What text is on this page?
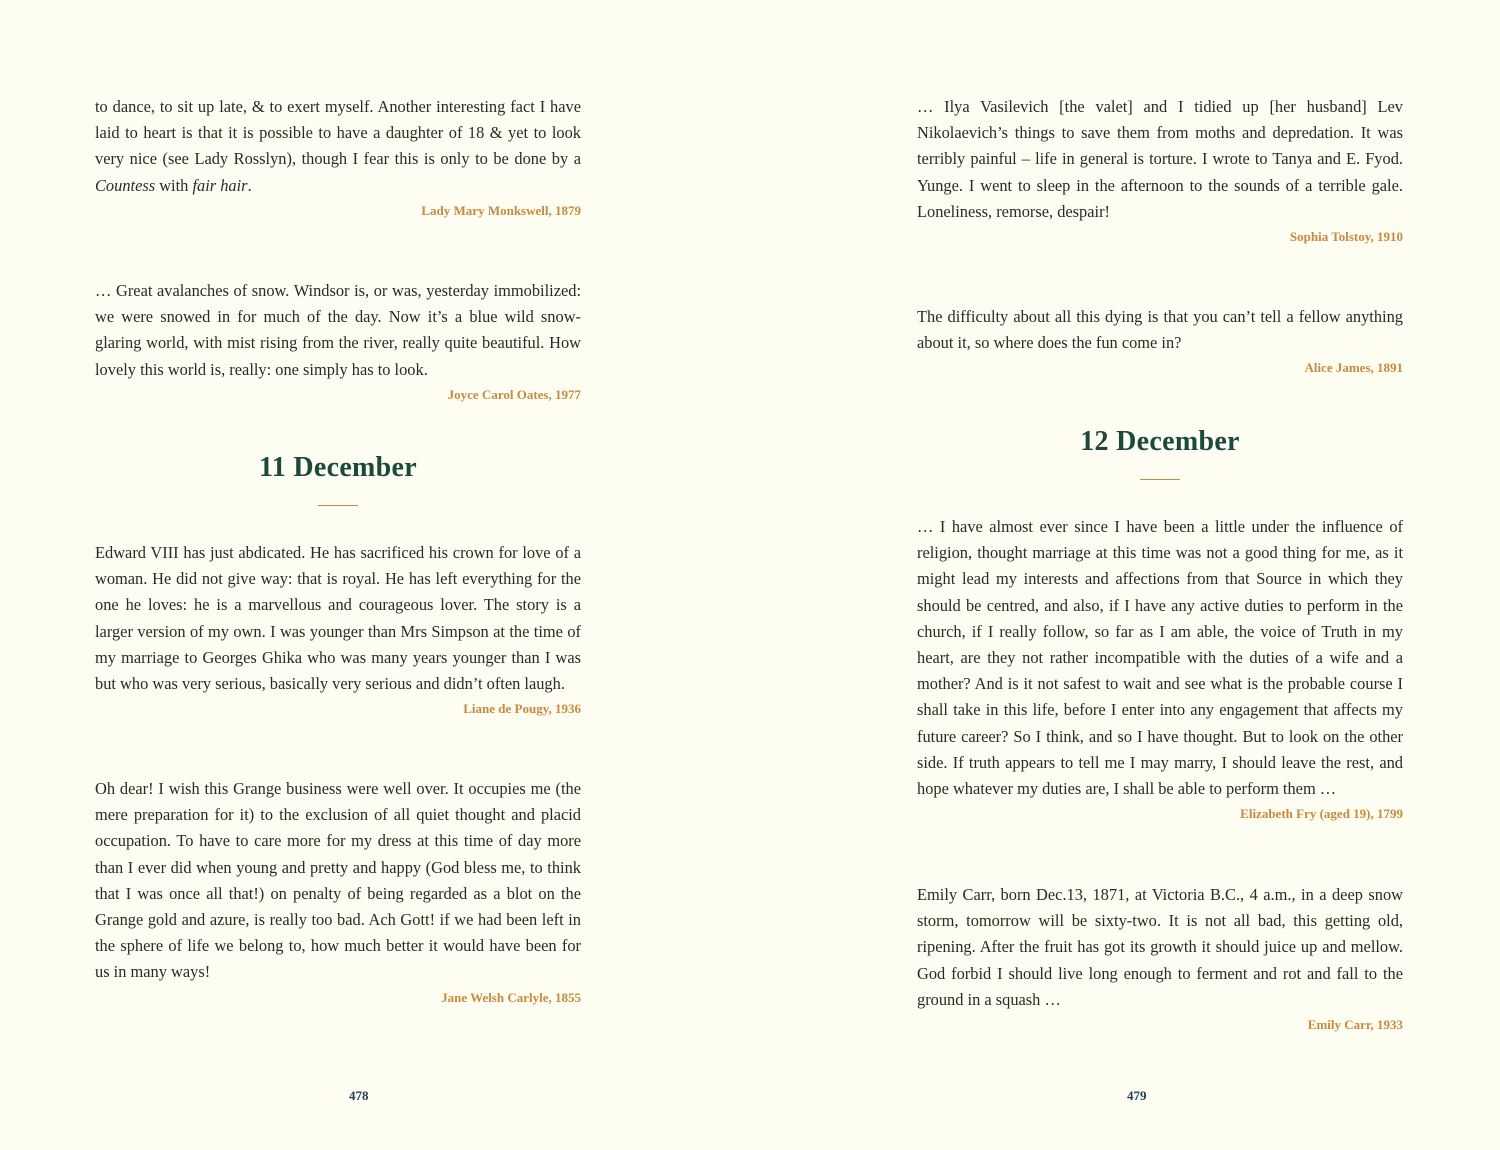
to dance, to sit up late, & to exert myself. Another interesting fact I have laid to heart is that it is possible to have a daughter of 18 & yet to look very nice (see Lady Rosslyn), though I fear this is only to be done by a Countess with fair hair.
Lady Mary Monkswell, 1879
… Great avalanches of snow. Windsor is, or was, yesterday immobilized: we were snowed in for much of the day. Now it’s a blue wild snow-glaring world, with mist rising from the river, really quite beautiful. How lovely this world is, really: one simply has to look.
Joyce Carol Oates, 1977
11 December
Edward VIII has just abdicated. He has sacrificed his crown for love of a woman. He did not give way: that is royal. He has left everything for the one he loves: he is a marvellous and courageous lover. The story is a larger version of my own. I was younger than Mrs Simpson at the time of my marriage to Georges Ghika who was many years younger than I was but who was very serious, basically very serious and didn’t often laugh.
Liane de Pougy, 1936
Oh dear! I wish this Grange business were well over. It occupies me (the mere preparation for it) to the exclusion of all quiet thought and placid occupation. To have to care more for my dress at this time of day more than I ever did when young and pretty and happy (God bless me, to think that I was once all that!) on penalty of being regarded as a blot on the Grange gold and azure, is really too bad. Ach Gott! if we had been left in the sphere of life we belong to, how much better it would have been for us in many ways!
Jane Welsh Carlyle, 1855
478
… Ilya Vasilevich [the valet] and I tidied up [her husband] Lev Nikolaevich’s things to save them from moths and depredation. It was terribly painful – life in general is torture. I wrote to Tanya and E. Fyod. Yunge. I went to sleep in the afternoon to the sounds of a terrible gale. Loneliness, remorse, despair!
Sophia Tolstoy, 1910
The difficulty about all this dying is that you can’t tell a fellow anything about it, so where does the fun come in?
Alice James, 1891
12 December
… I have almost ever since I have been a little under the influence of religion, thought marriage at this time was not a good thing for me, as it might lead my interests and affections from that Source in which they should be centred, and also, if I have any active duties to perform in the church, if I really follow, so far as I am able, the voice of Truth in my heart, are they not rather incompatible with the duties of a wife and a mother? And is it not safest to wait and see what is the probable course I shall take in this life, before I enter into any engagement that affects my future career? So I think, and so I have thought. But to look on the other side. If truth appears to tell me I may marry, I should leave the rest, and hope whatever my duties are, I shall be able to perform them …
Elizabeth Fry (aged 19), 1799
Emily Carr, born Dec.13, 1871, at Victoria B.C., 4 a.m., in a deep snow storm, tomorrow will be sixty-two. It is not all bad, this getting old, ripening. After the fruit has got its growth it should juice up and mellow. God forbid I should live long enough to ferment and rot and fall to the ground in a squash …
Emily Carr, 1933
479
